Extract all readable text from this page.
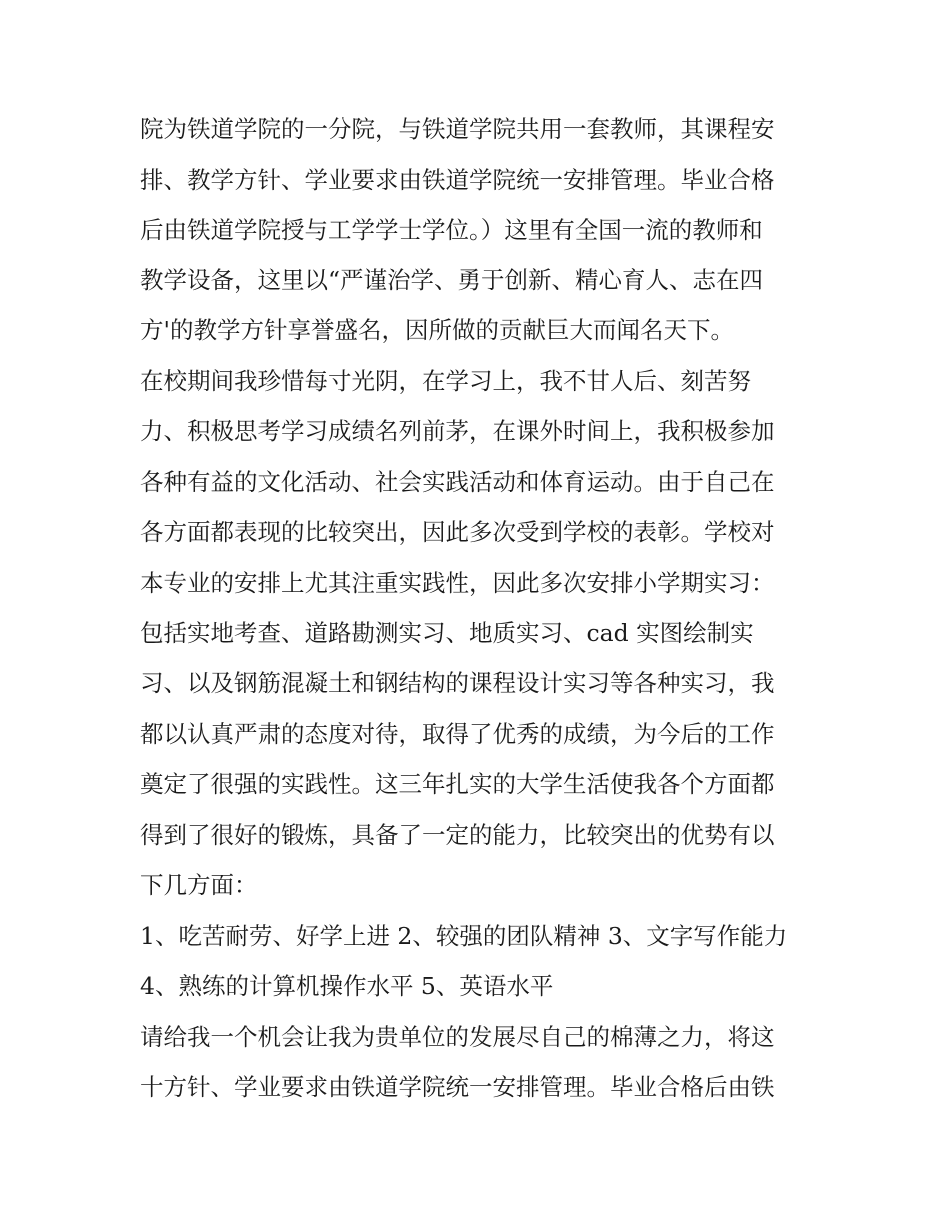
院为铁道学院的一分院，与铁道学院共用一套教师，其课程安
排、教学方针、学业要求由铁道学院统一安排管理。毕业合格
后由铁道学院授与工学学士学位。）这里有全国一流的教师和
教学设备，这里以“严谨治学、勇于创新、精心育人、志在四
方'的教学方针享誉盛名，因所做的贡献巨大而闻名天下。
在校期间我珍惜每寸光阴，在学习上，我不甘人后、刻苦努
力、积极思考学习成绩名列前茅，在课外时间上，我积极参加
各种有益的文化活动、社会实践活动和体育运动。由于自己在
各方面都表现的比较突出，因此多次受到学校的表彰。学校对
本专业的安排上尤其注重实践性，因此多次安排小学期实习：
包括实地考查、道路勘测实习、地质实习、cad 实图绘制实
习、以及钢筋混凝土和钢结构的课程设计实习等各种实习，我
都以认真严肃的态度对待，取得了优秀的成绩，为今后的工作
奠定了很强的实践性。这三年扎实的大学生活使我各个方面都
得到了很好的锻炼，具备了一定的能力，比较突出的优势有以
下几方面：
1、吃苦耐劳、好学上进 2、较强的团队精神 3、文字写作能力
4、熟练的计算机操作水平 5、英语水平
请给我一个机会让我为贵单位的发展尽自己的棉薄之力，将这
十方针、学业要求由铁道学院统一安排管理。毕业合格后由铁
